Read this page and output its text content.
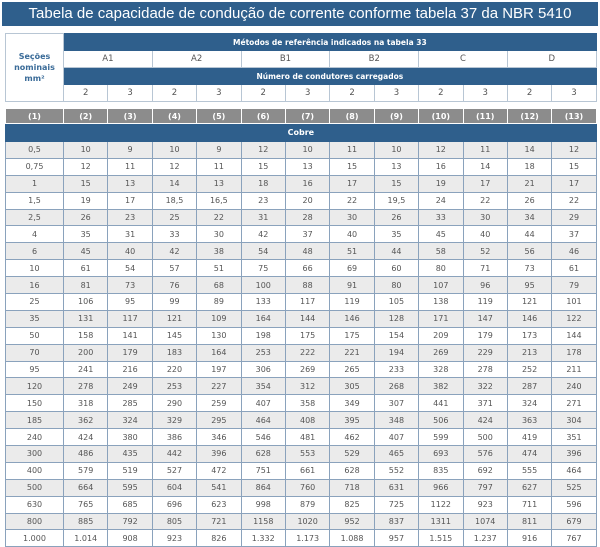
Tabela de capacidade de condução de corrente conforme tabela 37 da NBR 5410
Seções
nominais
mm²	Métodos de referência indicados na tabela 33											
	A1		A2		B1		B2		C		D	
	Número de condutores carregados											
	2	3	2	3	2	3	2	3	2	3	2	3
(1)	(2)	(3)	(4)	(5)	(6)	(7)	(8)	(9)	(10)	(11)	(12)	(13)
Cobre												
0,5	10	9	10	9	12	10	11	10	12	11	14	12
0,75	12	11	12	11	15	13	15	13	16	14	18	15
1	15	13	14	13	18	16	17	15	19	17	21	17
1,5	19	17	18,5	16,5	23	20	22	19,5	24	22	26	22
2,5	26	23	25	22	31	28	30	26	33	30	34	29
4	35	31	33	30	42	37	40	35	45	40	44	37
6	45	40	42	38	54	48	51	44	58	52	56	46
10	61	54	57	51	75	66	69	60	80	71	73	61
16	81	73	76	68	100	88	91	80	107	96	95	79
25	106	95	99	89	133	117	119	105	138	119	121	101
35	131	117	121	109	164	144	146	128	171	147	146	122
50	158	141	145	130	198	175	175	154	209	179	173	144
70	200	179	183	164	253	222	221	194	269	229	213	178
95	241	216	220	197	306	269	265	233	328	278	252	211
120	278	249	253	227	354	312	305	268	382	322	287	240
150	318	285	290	259	407	358	349	307	441	371	324	271
185	362	324	329	295	464	408	395	348	506	424	363	304
240	424	380	386	346	546	481	462	407	599	500	419	351
300	486	435	442	396	628	553	529	465	693	576	474	396
400	579	519	527	472	751	661	628	552	835	692	555	464
500	664	595	604	541	864	760	718	631	966	797	627	525
630	765	685	696	623	998	879	825	725	1122	923	711	596
800	885	792	805	721	1158	1020	952	837	1311	1074	811	679
1.000	1.014	908	923	826	1.332	1.173	1.088	957	1.515	1.237	916	767
